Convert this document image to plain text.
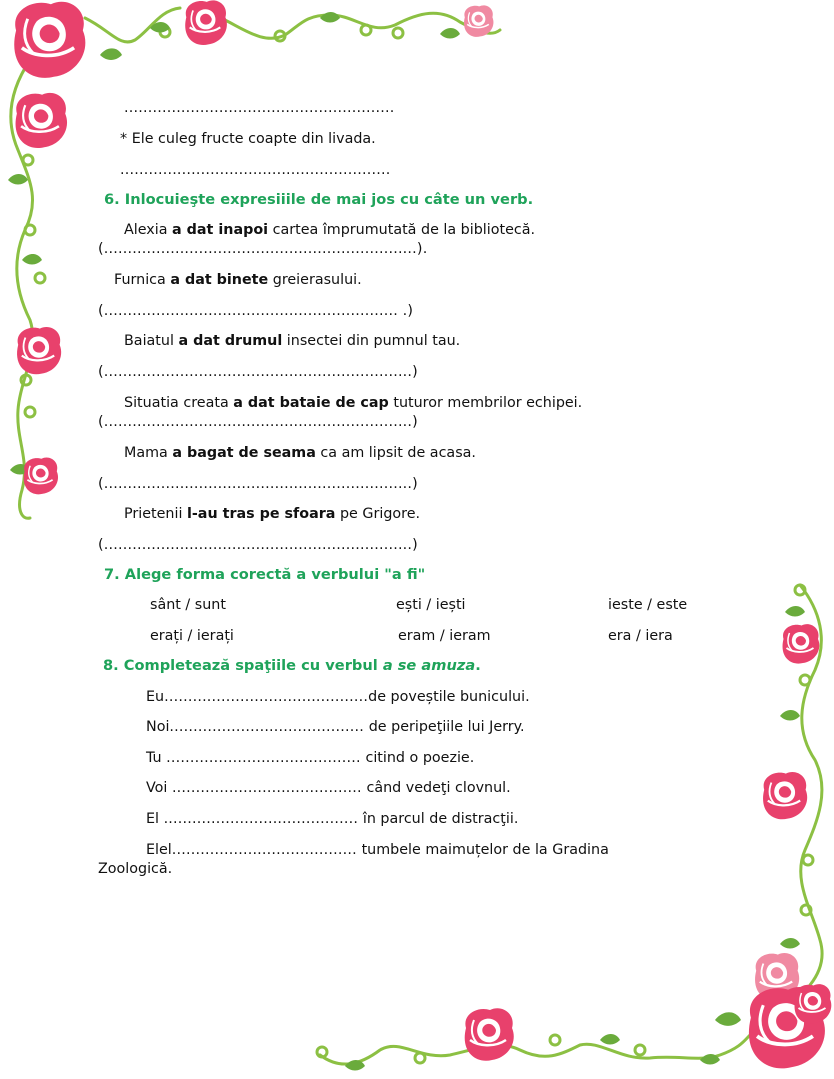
.........................................................
* Ele culeg fructe coapte din livada.
.........................................................
6. Inlocuieşte expresiiile de mai jos cu câte un verb.
Alexia a dat inapoi cartea împrumutată de la bibliotecă.
(..................................................................).
Furnica a dat binete greierasului.
(.............................................................. .)
Baiatul a dat drumul insectei din pumnul tau.
(.................................................................)
Situatia creata a dat bataie de cap tuturor membrilor echipei.
(.................................................................)
Mama a bagat de seama ca am lipsit de acasa.
(.................................................................)
Prietenii l-au tras pe sfoara pe Grigore.
(.................................................................)
7. Alege forma corectă a verbului "a fi"
sânt / sunt	ești / iești	ieste / este
erați / ierați	eram / ieram	era / iera
8. Completează spaţiile cu verbul a se amuza.
Eu...........................................de poveștile bunicului.
Noi......................................... de peripeţiile lui Jerry.
Tu ......................................... citind o poezie.
Voi ........................................ când vedeţi clovnul.
El ......................................... în parcul de distracţii.
Elel....................................... tumbele maimuțelor de la Gradina
Zoologică.
